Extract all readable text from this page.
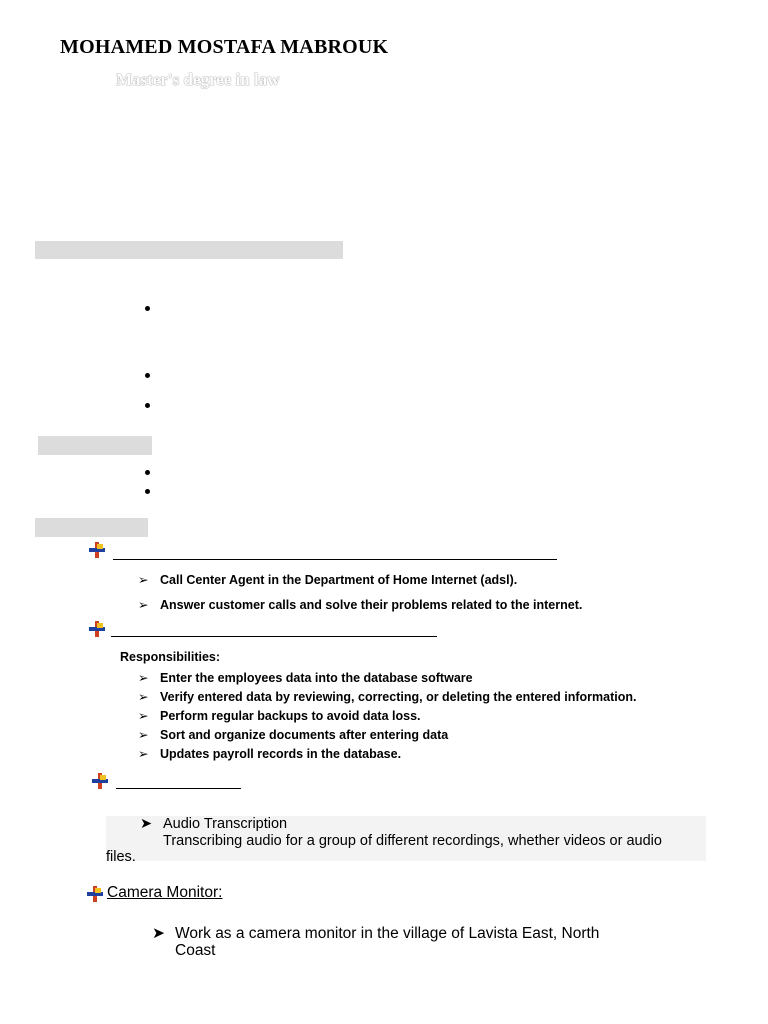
MOHAMED MOSTAFA MABROUK
Master's degree in law
➢ Call Center Agent in the Department of Home Internet (adsl).
➢ Answer customer calls and solve their problems related to the internet.
Responsibilities:
➢ Enter the employees data into the database software
➢ Verify entered data by reviewing, correcting, or deleting the entered information.
➢ Perform regular backups to avoid data loss.
➢ Sort and organize documents after entering data
➢ Updates payroll records in the database.
➤ Audio Transcription
Transcribing audio for a group of different recordings, whether videos or audio
files.
Camera Monitor:
➤ Work as a camera monitor in the village of Lavista East, North
Coast
